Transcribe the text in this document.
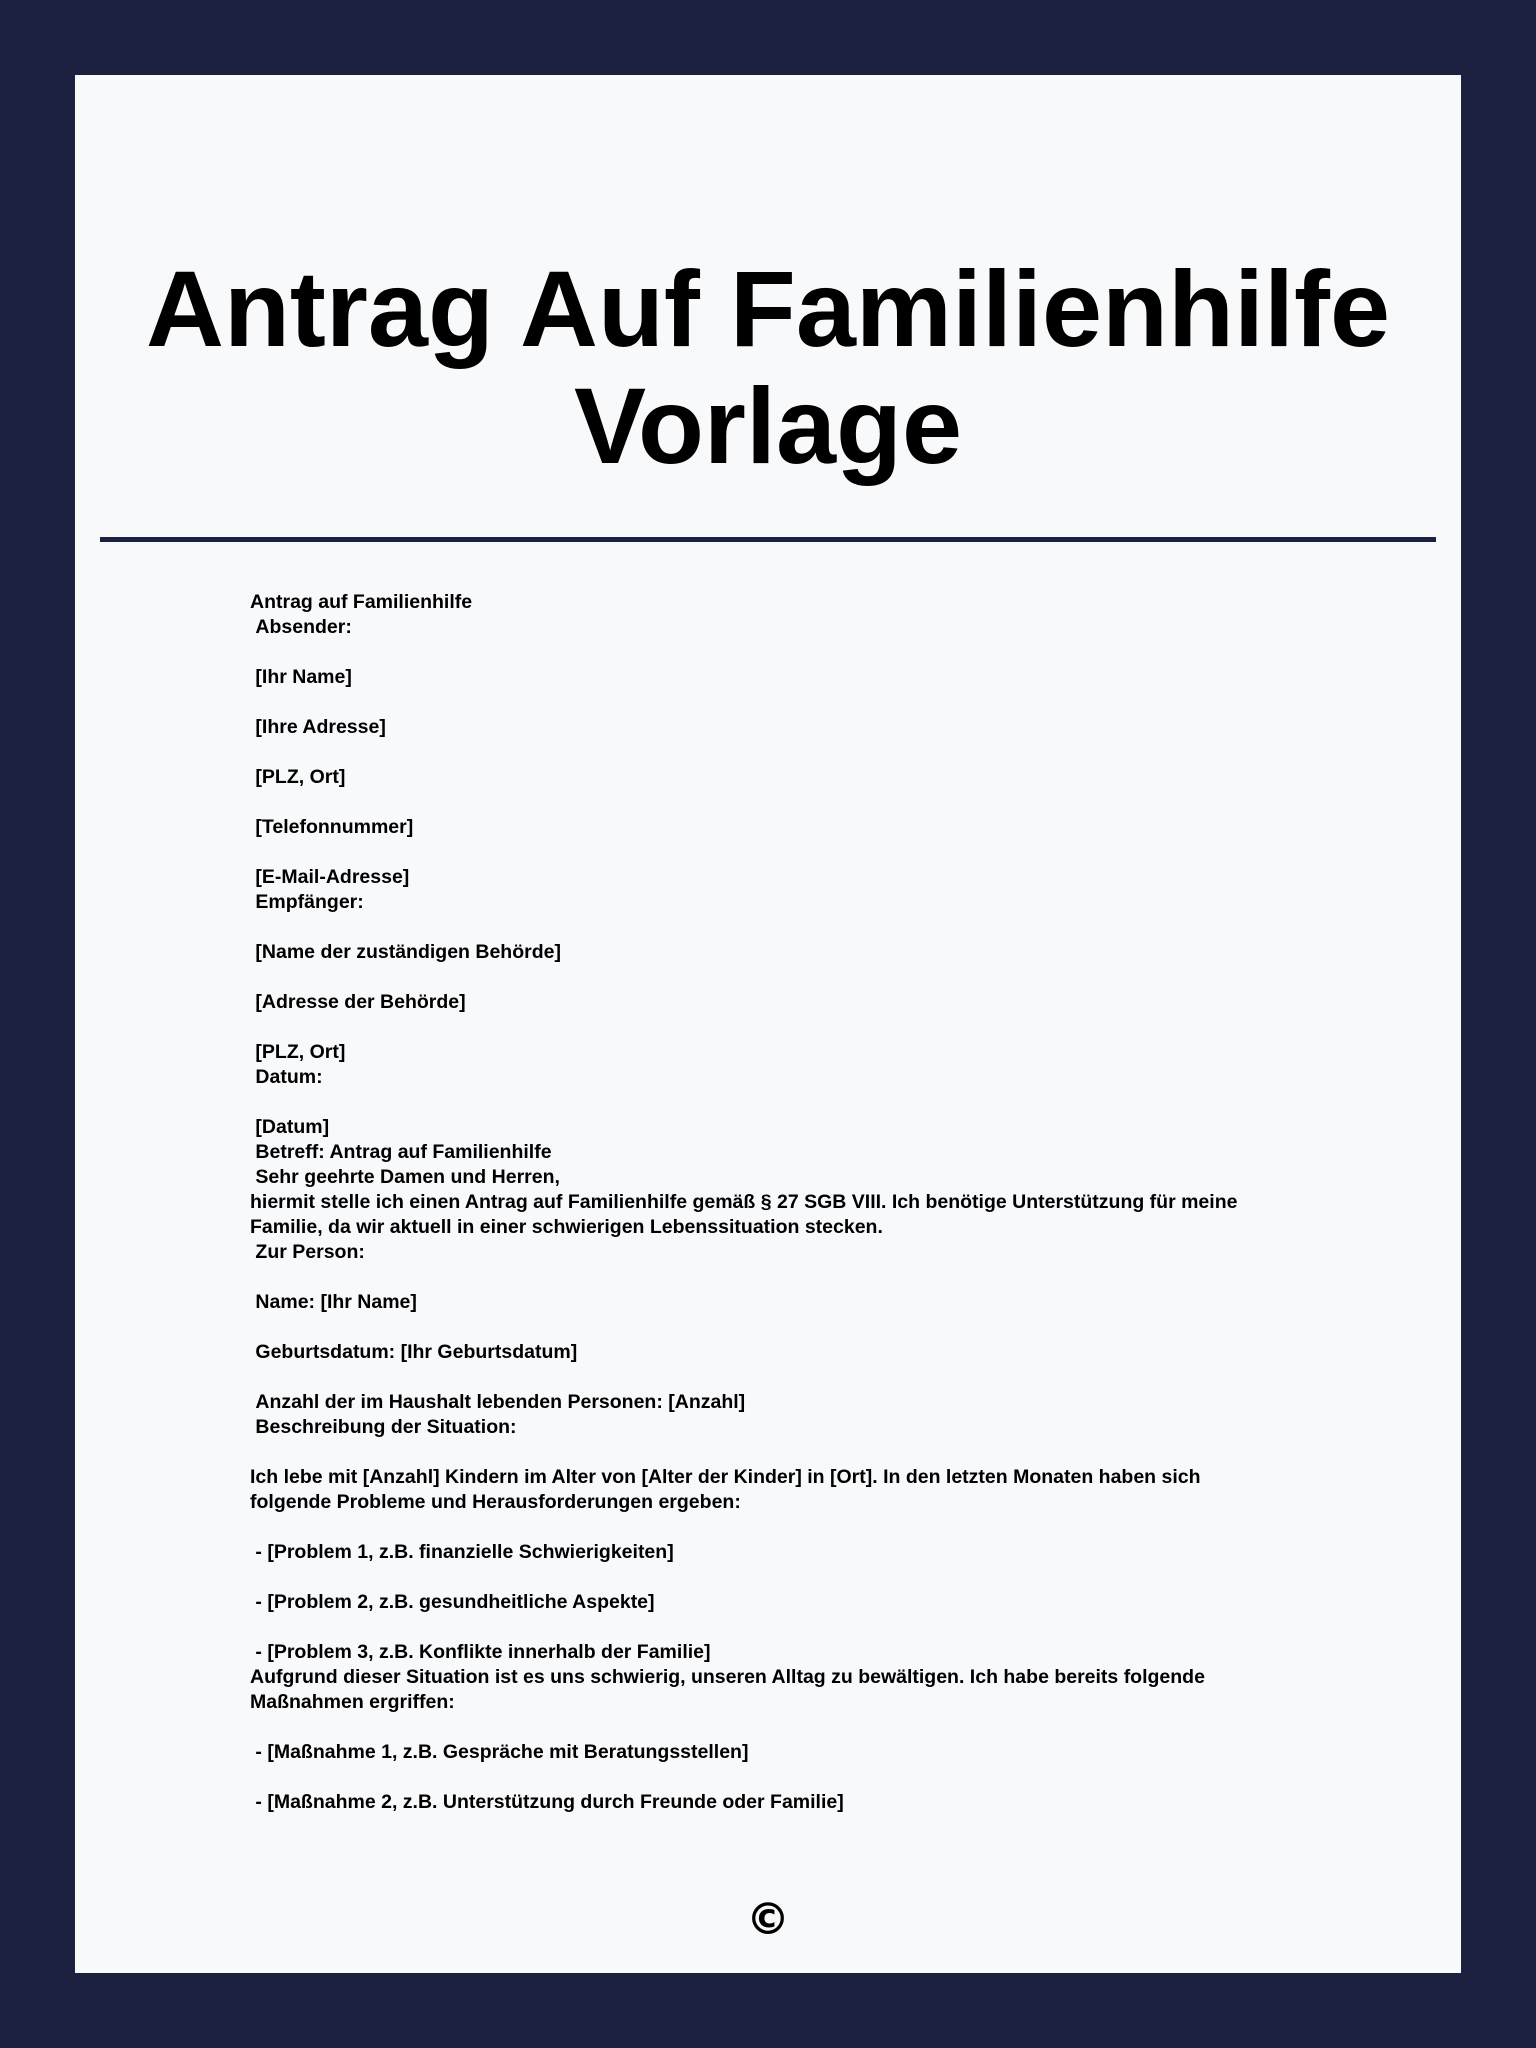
Antrag Auf Familienhilfe
Vorlage
Antrag auf Familienhilfe
Absender:
[Ihr Name]
[Ihre Adresse]
[PLZ, Ort]
[Telefonnummer]
[E-Mail-Adresse]
Empfänger:
[Name der zuständigen Behörde]
[Adresse der Behörde]
[PLZ, Ort]
Datum:
[Datum]
Betreff: Antrag auf Familienhilfe
Sehr geehrte Damen und Herren,
hiermit stelle ich einen Antrag auf Familienhilfe gemäß § 27 SGB VIII. Ich benötige Unterstützung für meine
Familie, da wir aktuell in einer schwierigen Lebenssituation stecken.
Zur Person:
Name: [Ihr Name]
Geburtsdatum: [Ihr Geburtsdatum]
Anzahl der im Haushalt lebenden Personen: [Anzahl]
Beschreibung der Situation:
Ich lebe mit [Anzahl] Kindern im Alter von [Alter der Kinder] in [Ort]. In den letzten Monaten haben sich
folgende Probleme und Herausforderungen ergeben:
- [Problem 1, z.B. finanzielle Schwierigkeiten]
- [Problem 2, z.B. gesundheitliche Aspekte]
- [Problem 3, z.B. Konflikte innerhalb der Familie]
Aufgrund dieser Situation ist es uns schwierig, unseren Alltag zu bewältigen. Ich habe bereits folgende
Maßnahmen ergriffen:
- [Maßnahme 1, z.B. Gespräche mit Beratungsstellen]
- [Maßnahme 2, z.B. Unterstützung durch Freunde oder Familie]
©
